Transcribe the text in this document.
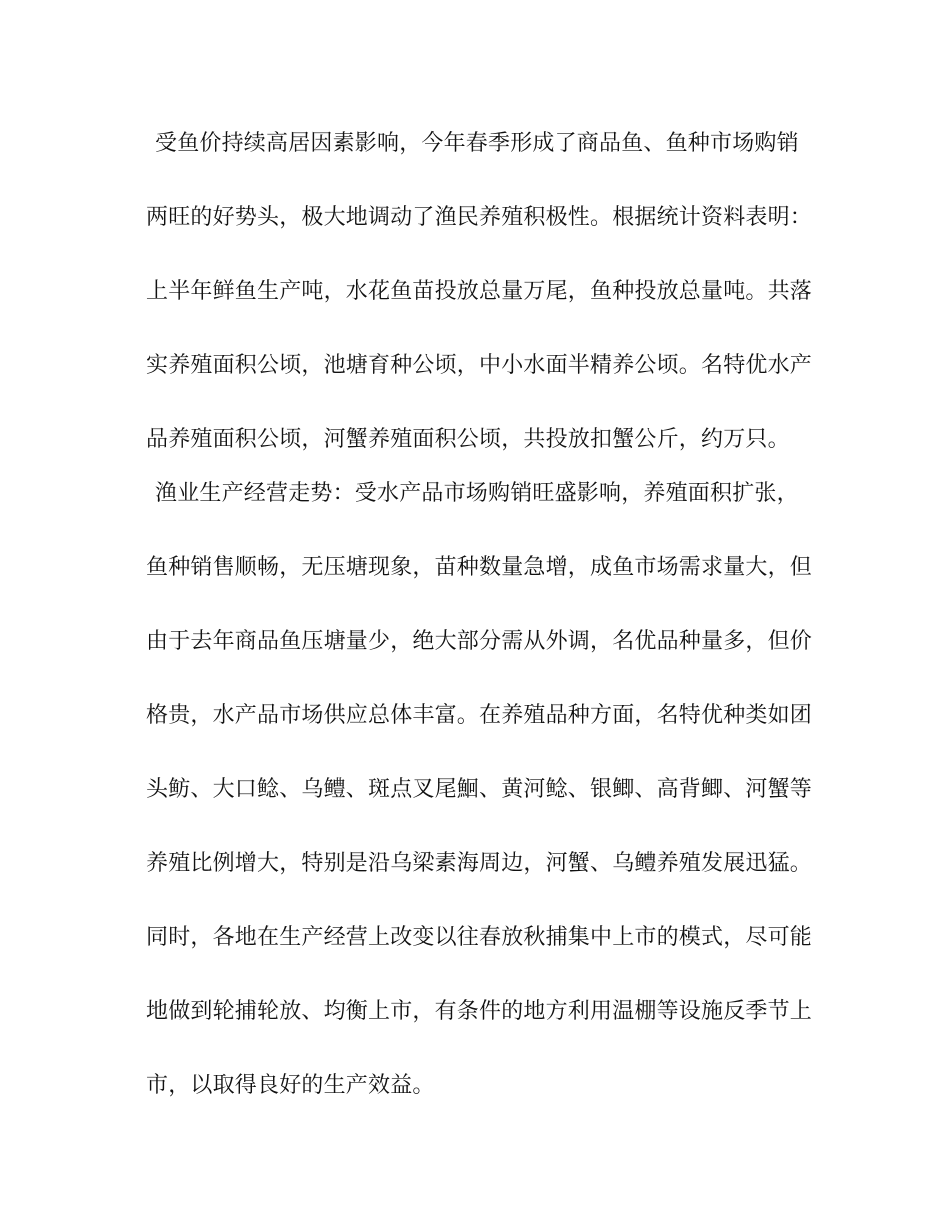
受鱼价持续高居因素影响，今年春季形成了商品鱼、鱼种市场购销
两旺的好势头，极大地调动了渔民养殖积极性。根据统计资料表明：
上半年鲜鱼生产吨，水花鱼苗投放总量万尾，鱼种投放总量吨。共落
实养殖面积公顷，池塘育种公顷，中小水面半精养公顷。名特优水产
品养殖面积公顷，河蟹养殖面积公顷，共投放扣蟹公斤，约万只。
渔业生产经营走势：受水产品市场购销旺盛影响，养殖面积扩张，
鱼种销售顺畅，无压塘现象，苗种数量急增，成鱼市场需求量大，但
由于去年商品鱼压塘量少，绝大部分需从外调，名优品种量多，但价
格贵，水产品市场供应总体丰富。在养殖品种方面，名特优种类如团
头鲂、大口鲶、乌鳢、斑点叉尾鮰、黄河鲶、银鲫、高背鲫、河蟹等
养殖比例增大，特别是沿乌梁素海周边，河蟹、乌鳢养殖发展迅猛。
同时，各地在生产经营上改变以往春放秋捕集中上市的模式，尽可能
地做到轮捕轮放、均衡上市，有条件的地方利用温棚等设施反季节上
市，以取得良好的生产效益。
